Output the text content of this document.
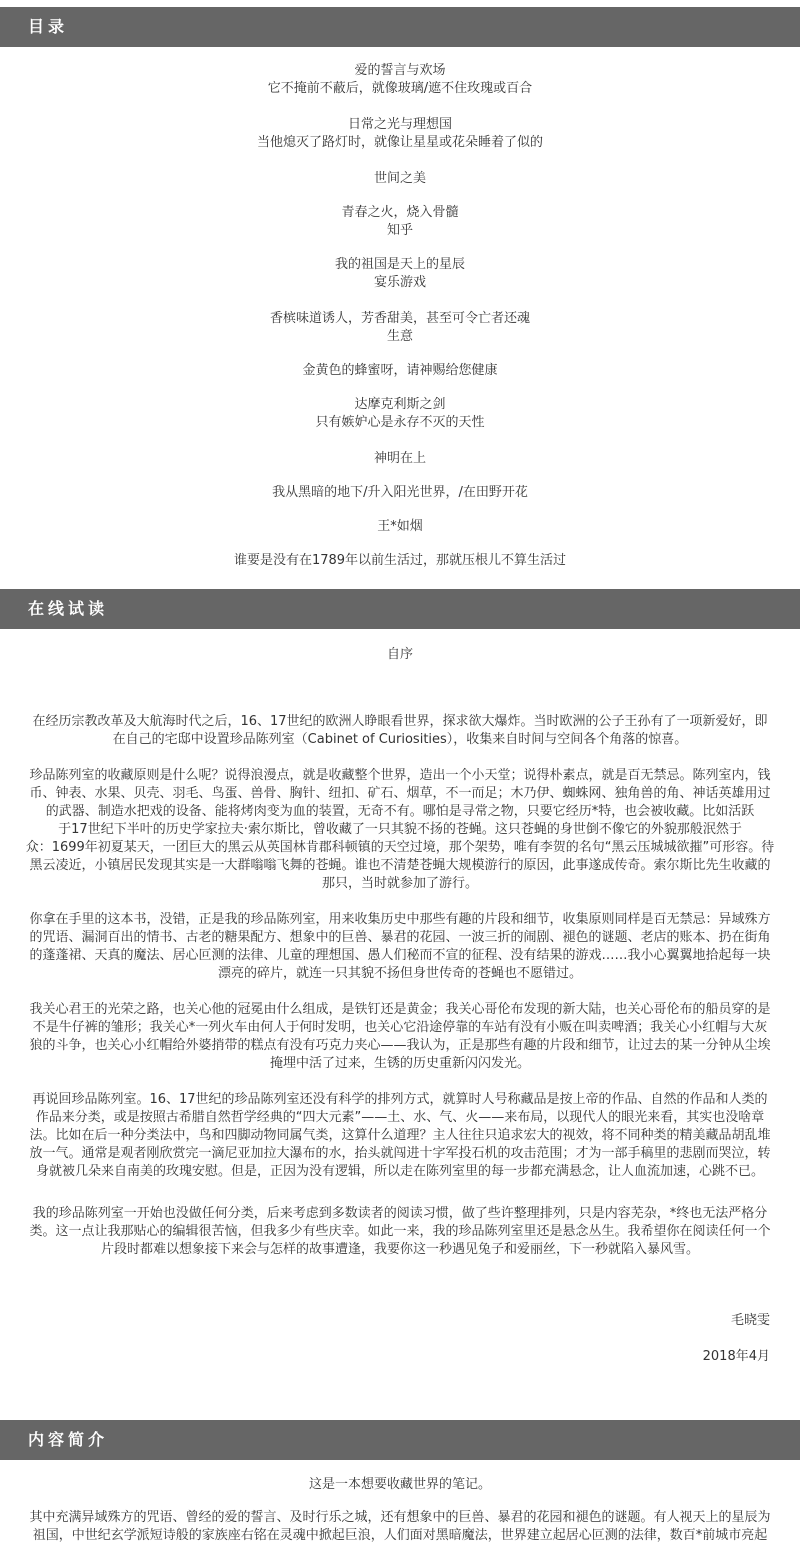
目录
爱的誓言与欢场
它不掩前不蔽后，就像玻璃/遮不住玫瑰或百合
日常之光与理想国
当他熄灭了路灯时，就像让星星或花朵睡着了似的
世间之美
青春之火，烧入骨髓
知乎
我的祖国是天上的星辰
宴乐游戏
香槟味道诱人，芳香甜美，甚至可令亡者还魂
生意
金黄色的蜂蜜呀，请神赐给您健康
达摩克利斯之剑
只有嫉妒心是永存不灭的天性
神明在上
我从黑暗的地下/升入阳光世界，/在田野开花
王*如烟
谁要是没有在1789年以前生活过，那就压根儿不算生活过
在线试读
自序
在经历宗教改革及大航海时代之后，16、17世纪的欧洲人睁眼看世界，探求欲大爆炸。当时欧洲的公子王孙有了一项新爱好，即
在自己的宅邸中设置珍品陈列室（Cabinet of Curiosities），收集来自时间与空间各个角落的惊喜。
珍品陈列室的收藏原则是什么呢？说得浪漫点，就是收藏整个世界，造出一个小天堂；说得朴素点，就是百无禁忌。陈列室内，钱
币、钟表、水果、贝壳、羽毛、鸟蛋、兽骨、胸针、纽扣、矿石、烟草，不一而足；木乃伊、蜘蛛网、独角兽的角、神话英雄用过
的武器、制造水把戏的设备、能将烤肉变为血的装置，无奇不有。哪怕是寻常之物，只要它经历*特，也会被收藏。比如活跃
于17世纪下半叶的历史学家拉夫·索尔斯比，曾收藏了一只其貌不扬的苍蝇。这只苍蝇的身世倒不像它的外貌那般泯然于
众：1699年初夏某天，一团巨大的黑云从英国林肯郡科顿镇的天空过境，那个架势，唯有李贺的名句“黑云压城城欲摧”可形容。待
黑云凌近，小镇居民发现其实是一大群嗡嗡飞舞的苍蝇。谁也不清楚苍蝇大规模游行的原因，此事遂成传奇。索尔斯比先生收藏的
那只，当时就参加了游行。
你拿在手里的这本书，没错，正是我的珍品陈列室，用来收集历史中那些有趣的片段和细节，收集原则同样是百无禁忌：异域殊方
的咒语、漏洞百出的情书、古老的糖果配方、想象中的巨兽、暴君的花园、一波三折的闹剧、褪色的谜题、老店的账本、扔在街角
的蓬蓬裙、天真的魔法、居心叵测的法律、儿童的理想国、愚人们秘而不宣的征程、没有结果的游戏……我小心翼翼地拾起每一块
漂亮的碎片，就连一只其貌不扬但身世传奇的苍蝇也不愿错过。
我关心君王的光荣之路，也关心他的冠冕由什么组成，是铁钉还是黄金；我关心哥伦布发现的新大陆，也关心哥伦布的船员穿的是
不是牛仔裤的雏形；我关心*一列火车由何人于何时发明，也关心它沿途停靠的车站有没有小贩在叫卖啤酒；我关心小红帽与大灰
狼的斗争，也关心小红帽给外婆捎带的糕点有没有巧克力夹心——我认为，正是那些有趣的片段和细节，让过去的某一分钟从尘埃
掩埋中活了过来，生锈的历史重新闪闪发光。
再说回珍品陈列室。16、17世纪的珍品陈列室还没有科学的排列方式，就算时人号称藏品是按上帝的作品、自然的作品和人类的
作品来分类，或是按照古希腊自然哲学经典的“四大元素”——土、水、气、火——来布局，以现代人的眼光来看，其实也没啥章
法。比如在后一种分类法中，鸟和四脚动物同属气类，这算什么道理？主人往往只追求宏大的视效，将不同种类的精美藏品胡乱堆
放一气。通常是观者刚欣赏完一滴尼亚加拉大瀑布的水，抬头就闯进十字军投石机的攻击范围；才为一部手稿里的悲剧而哭泣，转
身就被几朵来自南美的玫瑰安慰。但是，正因为没有逻辑，所以走在陈列室里的每一步都充满悬念，让人血流加速，心跳不已。
我的珍品陈列室一开始也没做任何分类，后来考虑到多数读者的阅读习惯，做了些许整理排列，只是内容芜杂，*终也无法严格分
类。这一点让我那贴心的编辑很苦恼，但我多少有些庆幸。如此一来，我的珍品陈列室里还是悬念丛生。我希望你在阅读任何一个
片段时都难以想象接下来会与怎样的故事遭逢，我要你这一秒遇见兔子和爱丽丝，下一秒就陷入暴风雪。
毛晓雯
2018年4月
内容简介
这是一本想要收藏世界的笔记。
其中充满异域殊方的咒语、曾经的爱的誓言、及时行乐之城，还有想象中的巨兽、暴君的花园和褪色的谜题。有人视天上的星辰为
祖国，中世纪玄学派短诗般的家族座右铭在灵魂中掀起巨浪，人们面对黑暗魔法，世界建立起居心叵测的法律，数百*前城市亮起
